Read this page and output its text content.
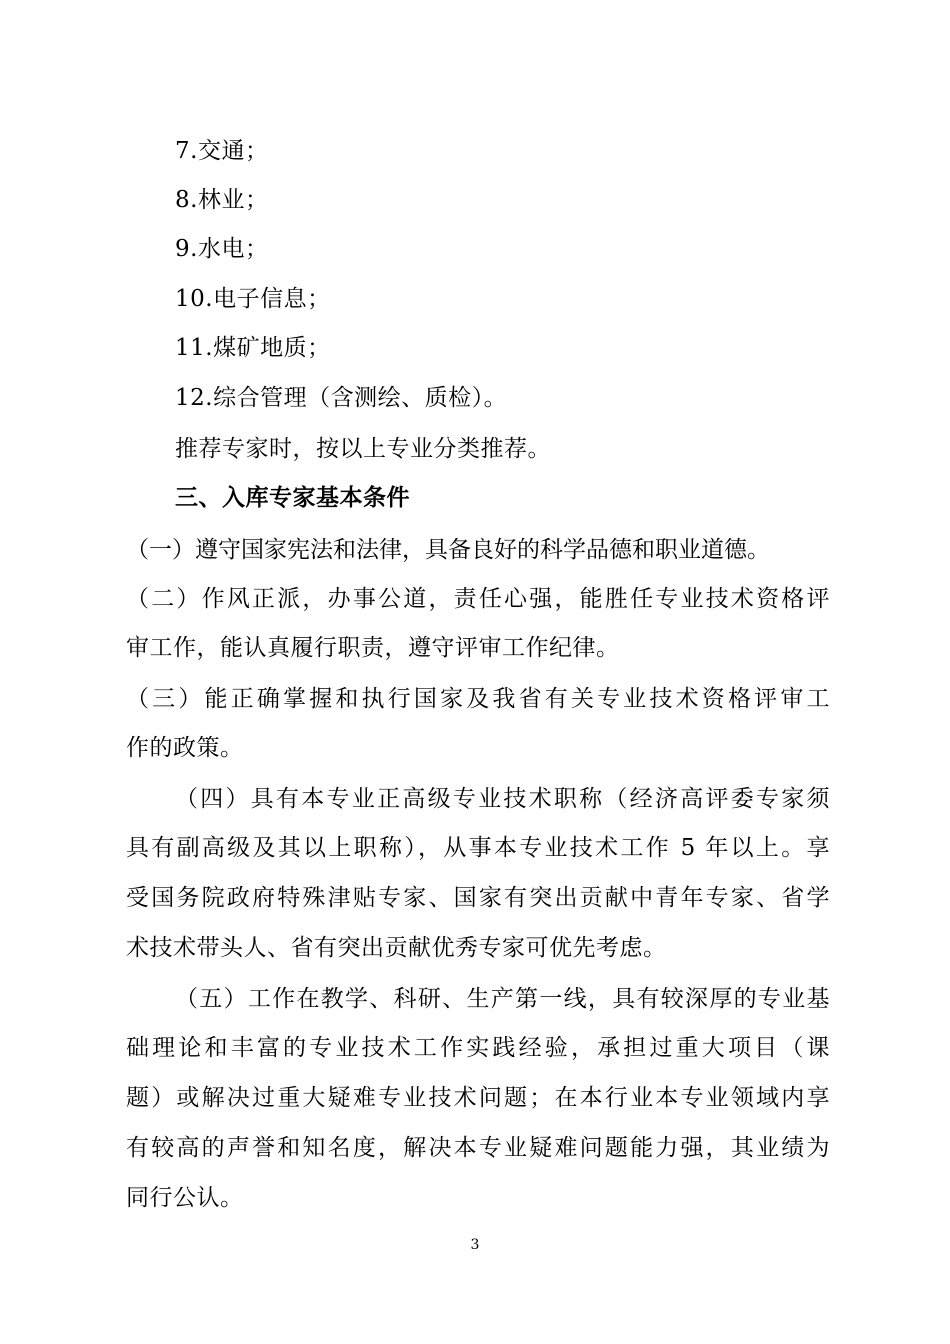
7.交通；
8.林业；
9.水电；
10.电子信息；
11.煤矿地质；
12.综合管理（含测绘、质检）。
推荐专家时，按以上专业分类推荐。
三、入库专家基本条件
（一）遵守国家宪法和法律，具备良好的科学品德和职业道德。
（二）作风正派，办事公道，责任心强，能胜任专业技术资格评
审工作，能认真履行职责，遵守评审工作纪律。
（三）能正确掌握和执行国家及我省有关专业技术资格评审工
作的政策。
（四）具有本专业正高级专业技术职称（经济高评委专家须
具有副高级及其以上职称），从事本专业技术工作 5 年以上。享
受国务院政府特殊津贴专家、国家有突出贡献中青年专家、省学
术技术带头人、省有突出贡献优秀专家可优先考虑。
（五）工作在教学、科研、生产第一线，具有较深厚的专业基
础理论和丰富的专业技术工作实践经验，承担过重大项目（课
题）或解决过重大疑难专业技术问题；在本行业本专业领域内享
有较高的声誉和知名度，解决本专业疑难问题能力强，其业绩为
同行公认。
3
